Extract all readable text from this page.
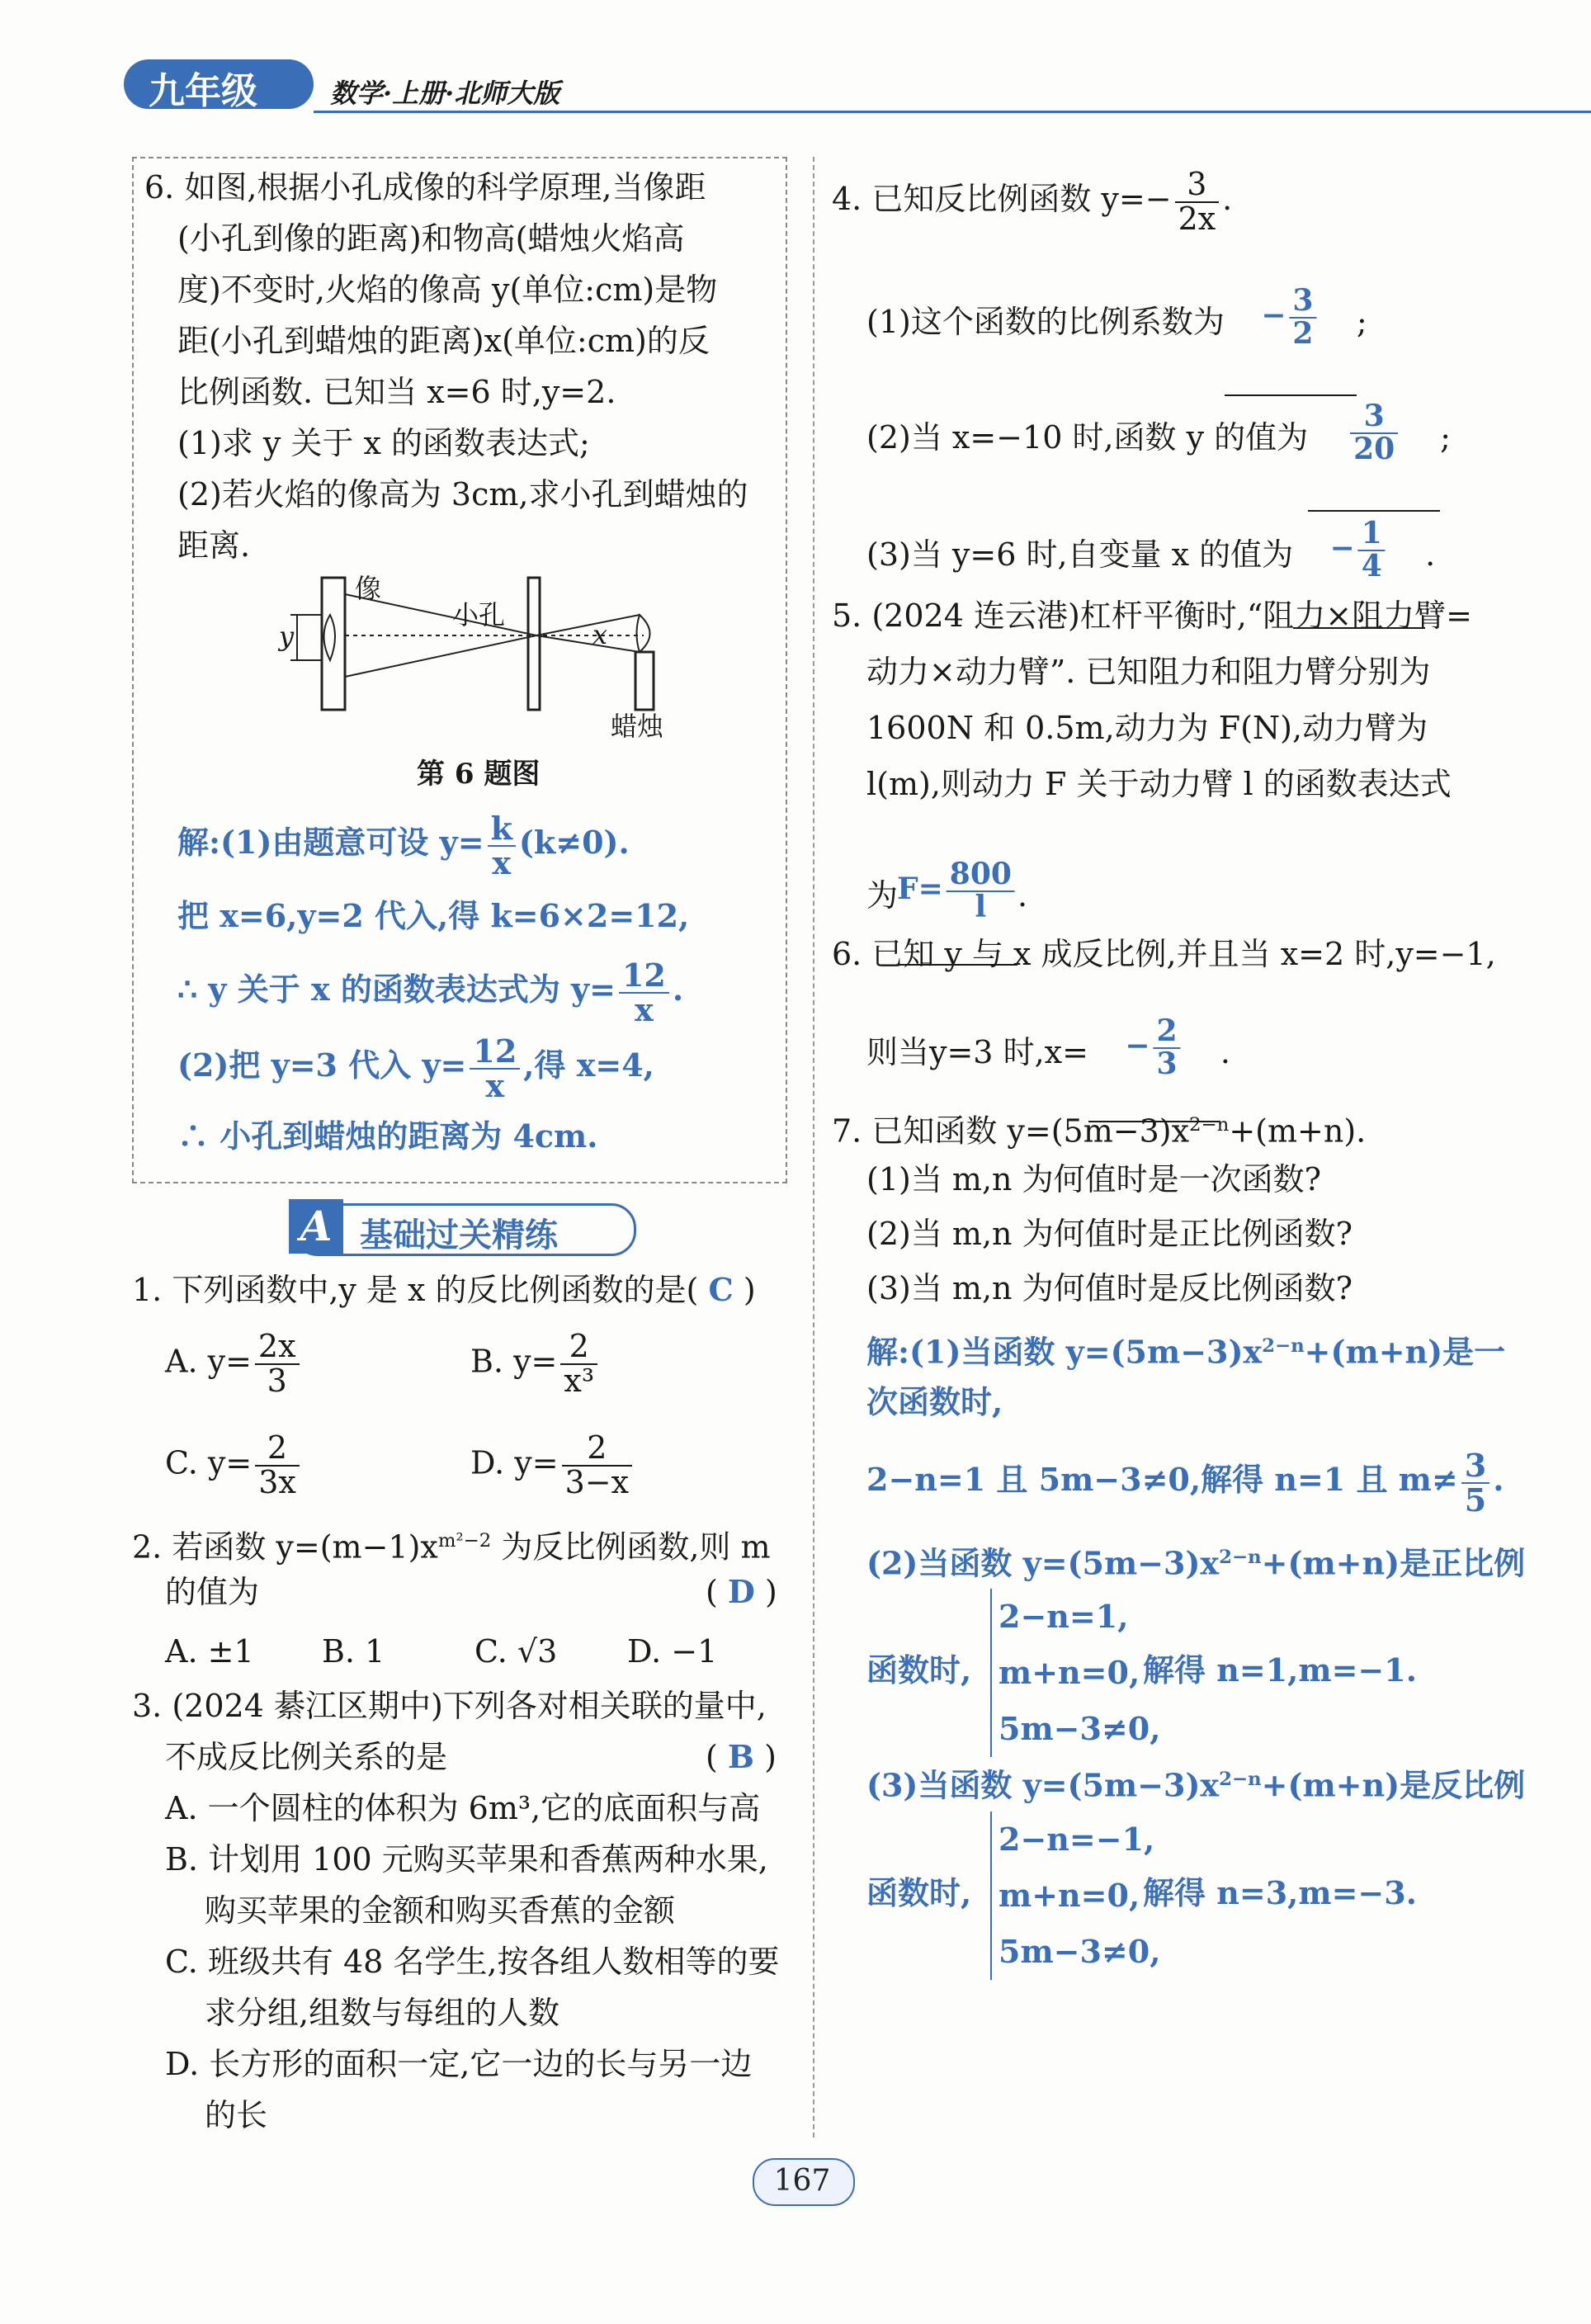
九年级	数学·上册·北师大版
6. 如图,根据小孔成像的科学原理,当像距
(小孔到像的距离)和物高(蜡烛火焰高
度)不变时,火焰的像高 y(单位:cm)是物
距(小孔到蜡烛的距离)x(单位:cm)的反
比例函数. 已知当 x=6 时,y=2.
(1)求 y 关于 x 的函数表达式;
(2)若火焰的像高为 3cm,求小孔到蜡烛的
距离.
像
小孔
y	x
蜡烛
第 6 题图
解:(1)由题意可设 $y= \frac{k}{x} (k\ne 0)$.
把 x=6,y=2 代入,得 k=6×2=12,
∴ y 关于 x 的函数表达式为 $y= \frac{12}{x}$ .
(2)把 y=3 代入 $y= \frac{12}{x}$ ,得 x=4,
∴ 小孔到蜡烛的距离为 4cm.
A 基础过关精练
1. 下列函数中,y 是 x 的反比例函数的是( C )
A. $y= \frac{2x}{3}$	B. $y= \frac{2}{\text{x³}}$
C. $y= \frac{2}{3x}$	D. $y= \frac{2}{3-x}$
2. 若函数 $y=(m-1)x^{m^2-2}$ 为反比例函数,则 m
的值为	( D )
A. ±1 B. 1	C. √3 D. −1
3. (2024 綦江区期中)下列各对相关联的量中,
不成反比例关系的是	( B )
A. 一个圆柱的体积为 6m³,它的底面积与高
B. 计划用 100 元购买苹果和香蕉两种水果,
购买苹果的金额和购买香蕉的金额
C. 班级共有 48 名学生,按各组人数相等的要
求分组,组数与每组的人数
D. 长方形的面积一定,它一边的长与另一边
的长
4. 已知反比例函数 $y=- \frac{3}{2x}$ .
(1)这个函数的比例系数为 − $\frac{3}{2}$ ;
(2)当 x=−10 时,函数 y 的值为 $\frac{3}{20}$ ;
(3)当 y=6 时,自变量 x 的值为 − $\frac{1}{4}$ .
5. (2024 连云港)杠杆平衡时,“阻力×阻力臂=
动力×动力臂”. 已知阻力和阻力臂分别为
1600N 和 0.5m,动力为 F(N),动力臂为
l(m),则动力 F 关于动力臂 l 的函数表达式
为 $F= \frac{800}{l}$ .
6. 已知 y 与 x 成反比例,并且当 x=2 时,y=−1,
则当y=3 时$,x= - \frac{2}{3}$ .
7. 已知函数 $y=(5m-3)x^{2-n}+(m+n)$.
(1)当 m,n 为何值时是一次函数?
(2)当 m,n 为何值时是正比例函数?
(3)当 m,n 为何值时是反比例函数?
解:(1)当函数 $y=(5m-3)x^{2-n}+(m+n)$是一
次函数时,
2−n=1 且 5m−3≠0,解得 n=1 且 $m\ne \frac{3}{5}$ .
(2)当函数 $y=(5m-3)x^{2-n}+(m+n)$是正比例
函数时,
2−n=1,
m+n=0,
5m−3≠0,
解得 n=1,m=−1.
(3)当函数 $y=(5m-3)x^{2-n}+(m+n)$是反比例
函数时,
2−n=−1,
m+n=0,
5m−3≠0,
解得 n=3,m=−3.
167
